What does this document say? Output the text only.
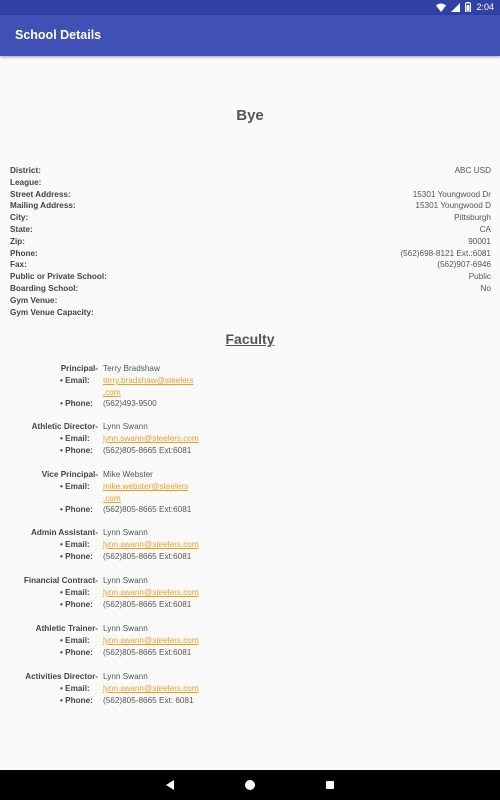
2:04
School Details
Bye
District:	ABC USD
League:
Street Address:	15301 Youngwood Dr
Mailing Address:	15301 Youngwood D
City:	Pittsburgh
State:	CA
Zip:	90001
Phone:	(562)698-8121 Ext.:6081
Fax:	(562)907-6946
Public or Private School:	Public
Boarding School:	No
Gym Venue:
Gym Venue Capacity:
Faculty
Principal- Terry Bradshaw
• Email: terry.bradshaw@steelers
.com
• Phone: (562)493-9500
Athletic Director- Lynn Swann
• Email: lynn.swann@steelers.com
• Phone: (562)805-8665 Ext:6081
Vice Principal- Mike Webster
• Email: mike.webster@steelers
.com
• Phone: (562)805-8665 Ext:6081
Admin Assistant- Lynn Swann
• Email: lynn.swann@steelers.com
• Phone: (562)805-8665 Ext:6081
Financial Contract- Lynn Swann
• Email: lynn.swann@steelers.com
• Phone: (562)805-8665 Ext:6081
Athletic Trainer- Lynn Swann
• Email: lynn.swann@steelers.com
• Phone: (562)805-8665 Ext:6081
Activities Director- Lynn Swann
• Email: lynn.swann@steelers.com
• Phone: (562)805-8665 Ext: 6081
